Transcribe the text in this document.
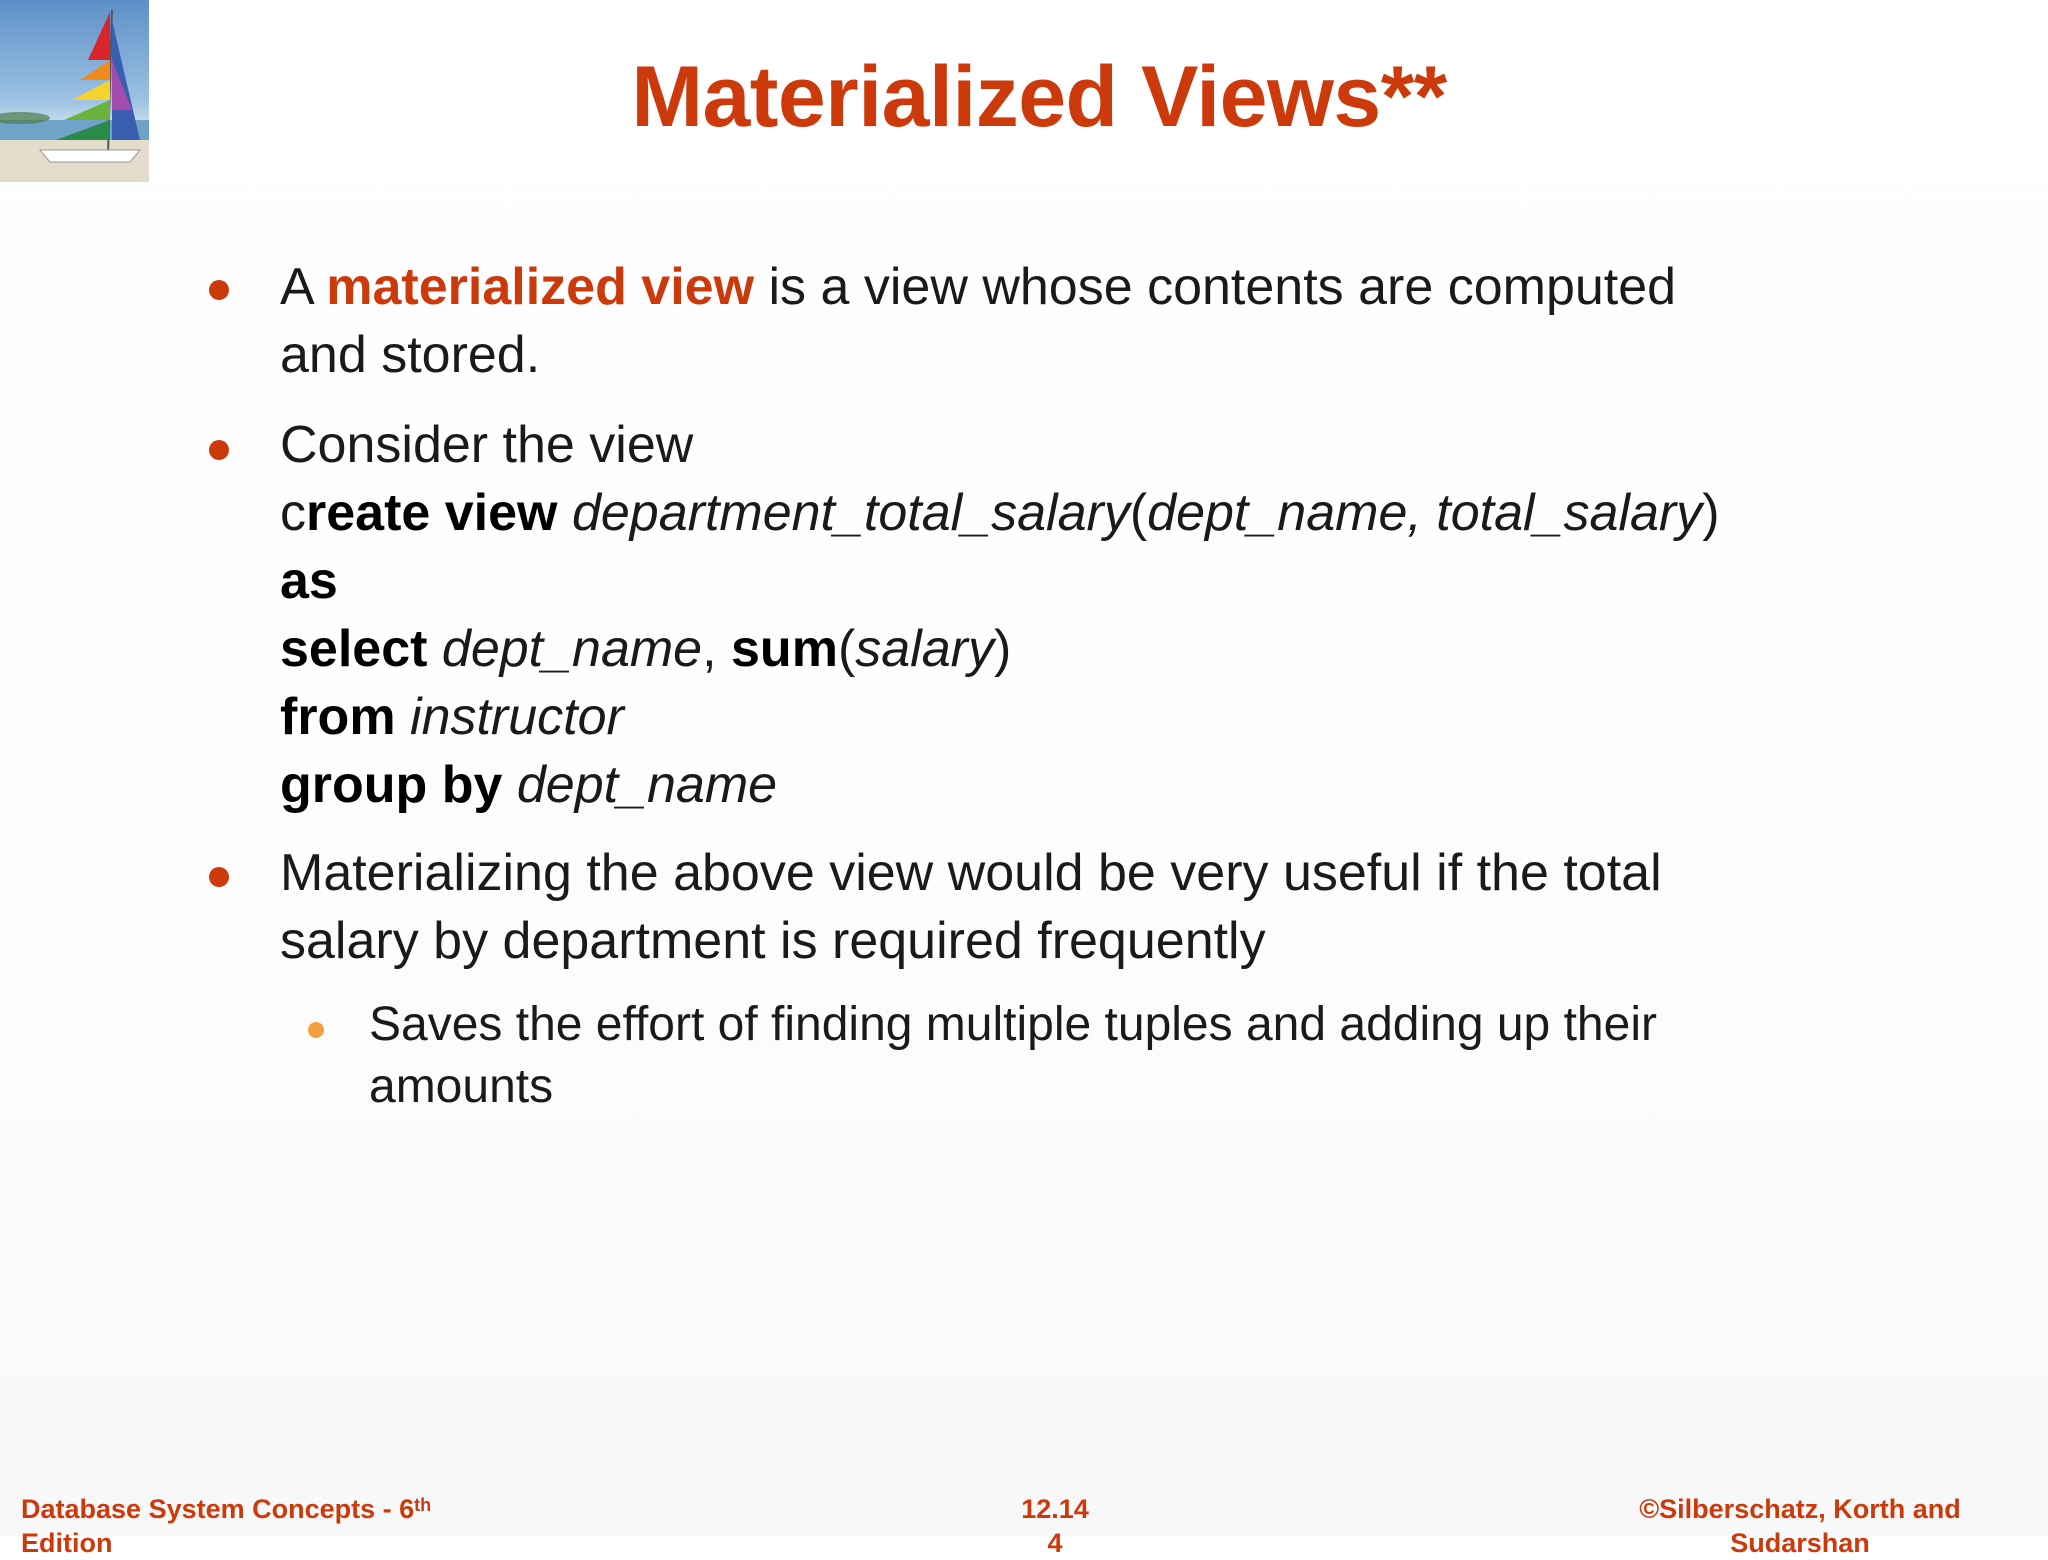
Materialized Views**
A materialized view is a view whose contents are computed
and stored.
Consider the view
create view department_total_salary(dept_name, total_salary)
as
select dept_name, sum(salary)
from instructor
group by dept_name
Materializing the above view would be very useful if the total
salary by department is required frequently
Saves the effort of finding multiple tuples and adding up their
amounts
Database System Concepts - 6th
Edition
12.14
4
©Silberschatz, Korth and
Sudarshan
